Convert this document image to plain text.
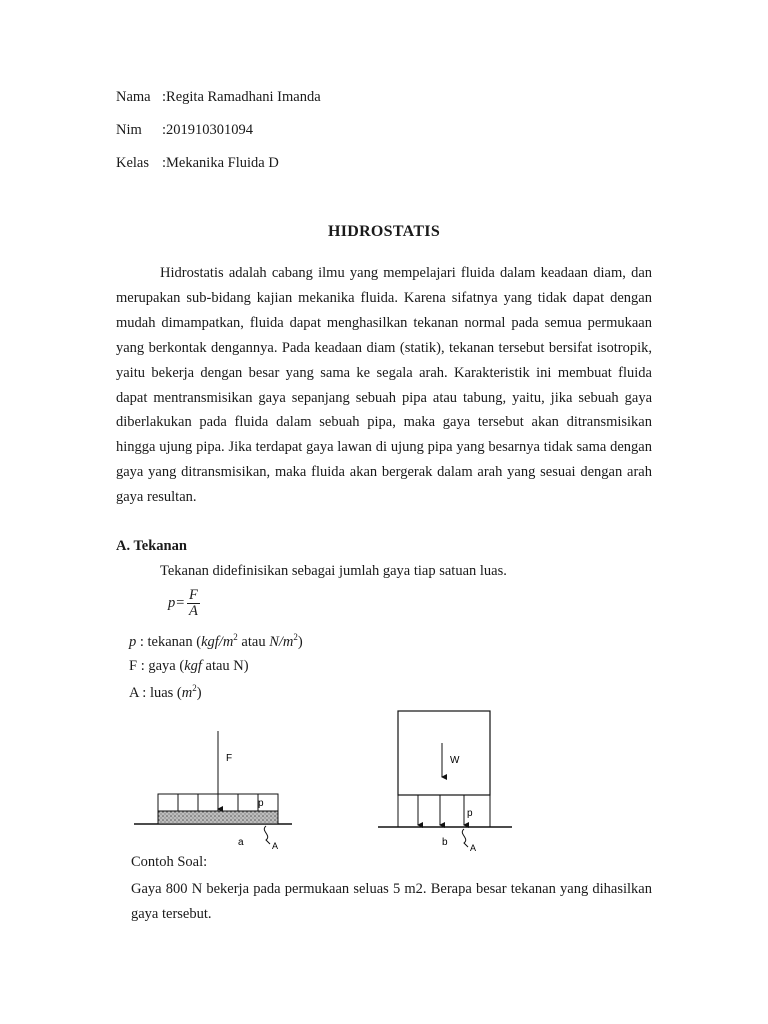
Nama :Regita Ramadhani Imanda
Nim :201910301094
Kelas :Mekanika Fluida D
HIDROSTATIS
Hidrostatis adalah cabang ilmu yang mempelajari fluida dalam keadaan diam, dan merupakan sub-bidang kajian mekanika fluida. Karena sifatnya yang tidak dapat dengan mudah dimampatkan, fluida dapat menghasilkan tekanan normal pada semua permukaan yang berkontak dengannya. Pada keadaan diam (statik), tekanan tersebut bersifat isotropik, yaitu bekerja dengan besar yang sama ke segala arah. Karakteristik ini membuat fluida dapat mentransmisikan gaya sepanjang sebuah pipa atau tabung, yaitu, jika sebuah gaya diberlakukan pada fluida dalam sebuah pipa, maka gaya tersebut akan ditransmisikan hingga ujung pipa. Jika terdapat gaya lawan di ujung pipa yang besarnya tidak sama dengan gaya yang ditransmisikan, maka fluida akan bergerak dalam arah yang sesuai dengan arah gaya resultan.
A. Tekanan
Tekanan didefinisikan sebagai jumlah gaya tiap satuan luas.
$p= \frac{F}{A}$
p : tekanan ($kgf/m^2$ atau $N/m^2$)
F : gaya (kgf atau N)
A : luas $(m^2)$
F
p
a	A
W
p
b A
Contoh Soal:
Gaya 800 N bekerja pada permukaan seluas 5 m2. Berapa besar tekanan yang dihasilkan gaya tersebut.
